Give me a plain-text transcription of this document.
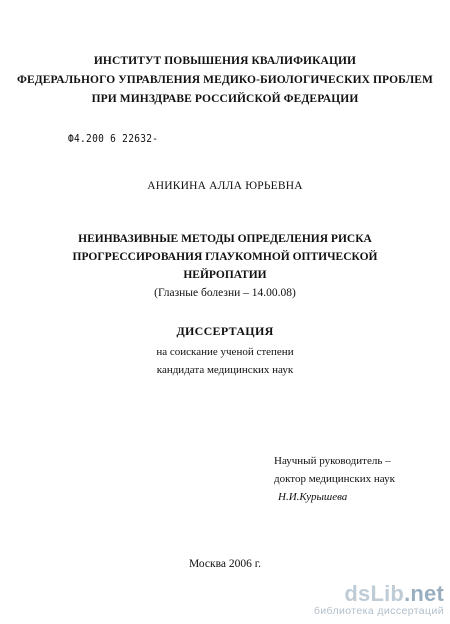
ИНСТИТУТ ПОВЫШЕНИЯ КВАЛИФИКАЦИИ
ФЕДЕРАЛЬНОГО УПРАВЛЕНИЯ МЕДИКО-БИОЛОГИЧЕСКИХ ПРОБЛЕМ
ПРИ МИНЗДРАВЕ РОССИЙСКОЙ ФЕДЕРАЦИИ
Ф4.200 6 22632-
АНИКИНА АЛЛА ЮРЬЕВНА
НЕИНВАЗИВНЫЕ МЕТОДЫ ОПРЕДЕЛЕНИЯ РИСКА
ПРОГРЕССИРОВАНИЯ ГЛАУКОМНОЙ ОПТИЧЕСКОЙ
НЕЙРОПАТИИ
(Глазные болезни – 14.00.08)
ДИССЕРТАЦИЯ
на соискание ученой степени
кандидата медицинских наук
Научный руководитель –
доктор медицинских наук
Н.И.Курышева
Москва 2006 г.
dsLib.net
библиотека диссертаций
